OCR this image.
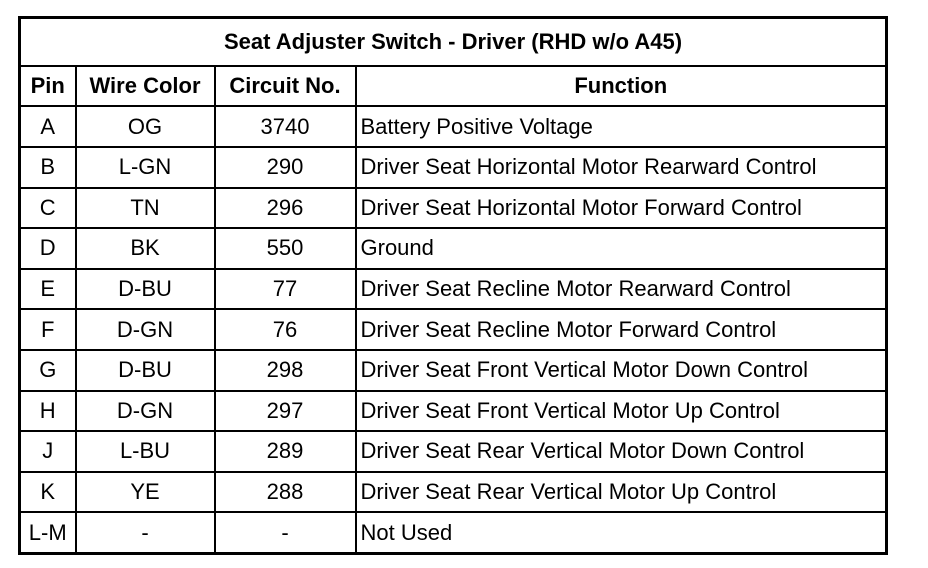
Seat Adjuster Switch - Driver (RHD w/o A45)			
Pin	Wire Color	Circuit No.	Function
A	OG	3740	Battery Positive Voltage
B	L-GN	290	Driver Seat Horizontal Motor Rearward Control
C	TN	296	Driver Seat Horizontal Motor Forward Control
D	BK	550	Ground
E	D-BU	77	Driver Seat Recline Motor Rearward Control
F	D-GN	76	Driver Seat Recline Motor Forward Control
G	D-BU	298	Driver Seat Front Vertical Motor Down Control
H	D-GN	297	Driver Seat Front Vertical Motor Up Control
J	L-BU	289	Driver Seat Rear Vertical Motor Down Control
K	YE	288	Driver Seat Rear Vertical Motor Up Control
L-M	-	-	Not Used
